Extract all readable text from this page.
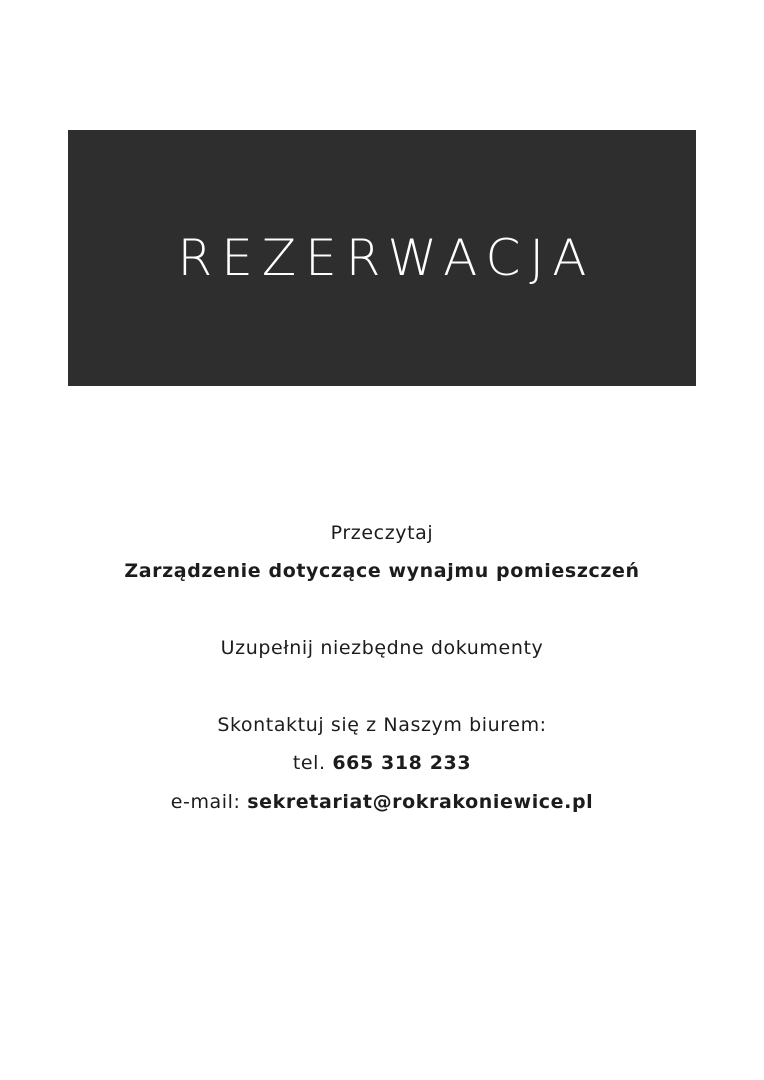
REZERWACJA
Przeczytaj
Zarządzenie dotyczące wynajmu pomieszczeń
Uzupełnij niezbędne dokumenty
Skontaktuj się z Naszym biurem:
tel. 665 318 233
e-mail: sekretariat@rokrakoniewice.pl
